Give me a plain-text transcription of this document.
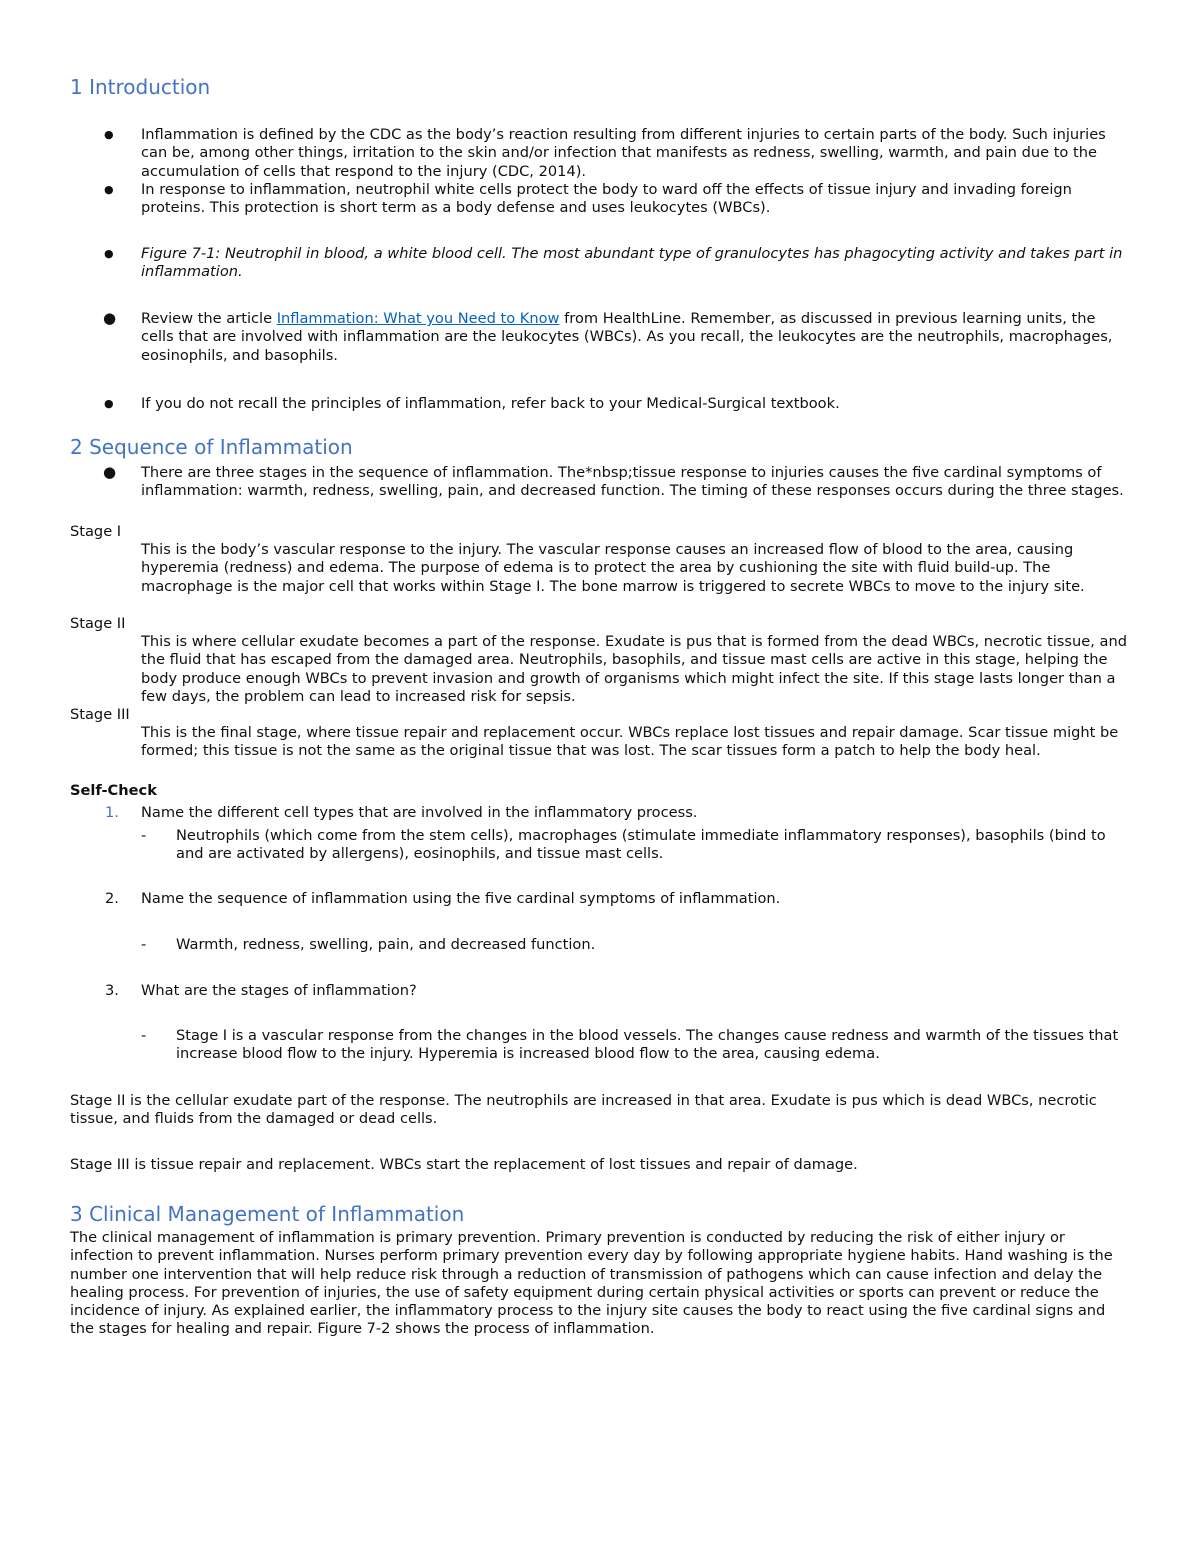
1 Introduction
● Inflammation is defined by the CDC as the body’s reaction resulting from different injuries to certain parts of the body. Such injuries can be, among other things, irritation to the skin and/or infection that manifests as redness, swelling, warmth, and pain due to the accumulation of cells that respond to the injury (CDC, 2014).

● In response to inflammation, neutrophil white cells protect the body to ward off the effects of tissue injury and invading foreign proteins. This protection is short term as a body defense and uses leukocytes (WBCs).

● Figure 7-1: Neutrophil in blood, a white blood cell. The most abundant type of granulocytes has phagocyting activity and takes part in inflammation.

● Review the article Inflammation: What you Need to Know from HealthLine. Remember, as discussed in previous learning units, the cells that are involved with inflammation are the leukocytes (WBCs). As you recall, the leukocytes are the neutrophils, macrophages, eosinophils, and basophils.

● If you do not recall the principles of inflammation, refer back to your Medical-Surgical textbook.

2 Sequence of Inflammation
● There are three stages in the sequence of inflammation. The*nbsp;tissue response to injuries causes the five cardinal symptoms of inflammation: warmth, redness, swelling, pain, and decreased function. The timing of these responses occurs during the three stages.

Stage I

This is the body’s vascular response to the injury. The vascular response causes an increased flow of blood to the area, causing hyperemia (redness) and edema. The purpose of edema is to protect the area by cushioning the site with fluid build-up. The macrophage is the major cell that works within Stage I. The bone marrow is triggered to secrete WBCs to move to the injury site.

Stage II

This is where cellular exudate becomes a part of the response. Exudate is pus that is formed from the dead WBCs, necrotic tissue, and the fluid that has escaped from the damaged area. Neutrophils, basophils, and tissue mast cells are active in this stage, helping the body produce enough WBCs to prevent invasion and growth of organisms which might infect the site. If this stage lasts longer than a few days, the problem can lead to increased risk for sepsis.

Stage III

This is the final stage, where tissue repair and replacement occur. WBCs replace lost tissues and repair damage. Scar tissue might be formed; this tissue is not the same as the original tissue that was lost. The scar tissues form a patch to help the body heal.

Self-Check

1. Name the different cell types that are involved in the inflammatory process.

- Neutrophils (which come from the stem cells), macrophages (stimulate immediate inflammatory responses), basophils (bind to and are activated by allergens), eosinophils, and tissue mast cells.

2. Name the sequence of inflammation using the five cardinal symptoms of inflammation.

- Warmth, redness, swelling, pain, and decreased function.

3. What are the stages of inflammation?

- Stage I is a vascular response from the changes in the blood vessels. The changes cause redness and warmth of the tissues that increase blood flow to the injury. Hyperemia is increased blood flow to the area, causing edema.

Stage II is the cellular exudate part of the response. The neutrophils are increased in that area. Exudate is pus which is dead WBCs, necrotic tissue, and fluids from the damaged or dead cells.

Stage III is tissue repair and replacement. WBCs start the replacement of lost tissues and repair of damage.

3 Clinical Management of Inflammation

The clinical management of inflammation is primary prevention. Primary prevention is conducted by reducing the risk of either injury or infection to prevent inflammation. Nurses perform primary prevention every day by following appropriate hygiene habits. Hand washing is the number one intervention that will help reduce risk through a reduction of transmission of pathogens which can cause infection and delay the healing process. For prevention of injuries, the use of safety equipment during certain physical activities or sports can prevent or reduce the incidence of injury. As explained earlier, the inflammatory process to the injury site causes the body to react using the five cardinal signs and the stages for healing and repair. Figure 7-2 shows the process of inflammation.
